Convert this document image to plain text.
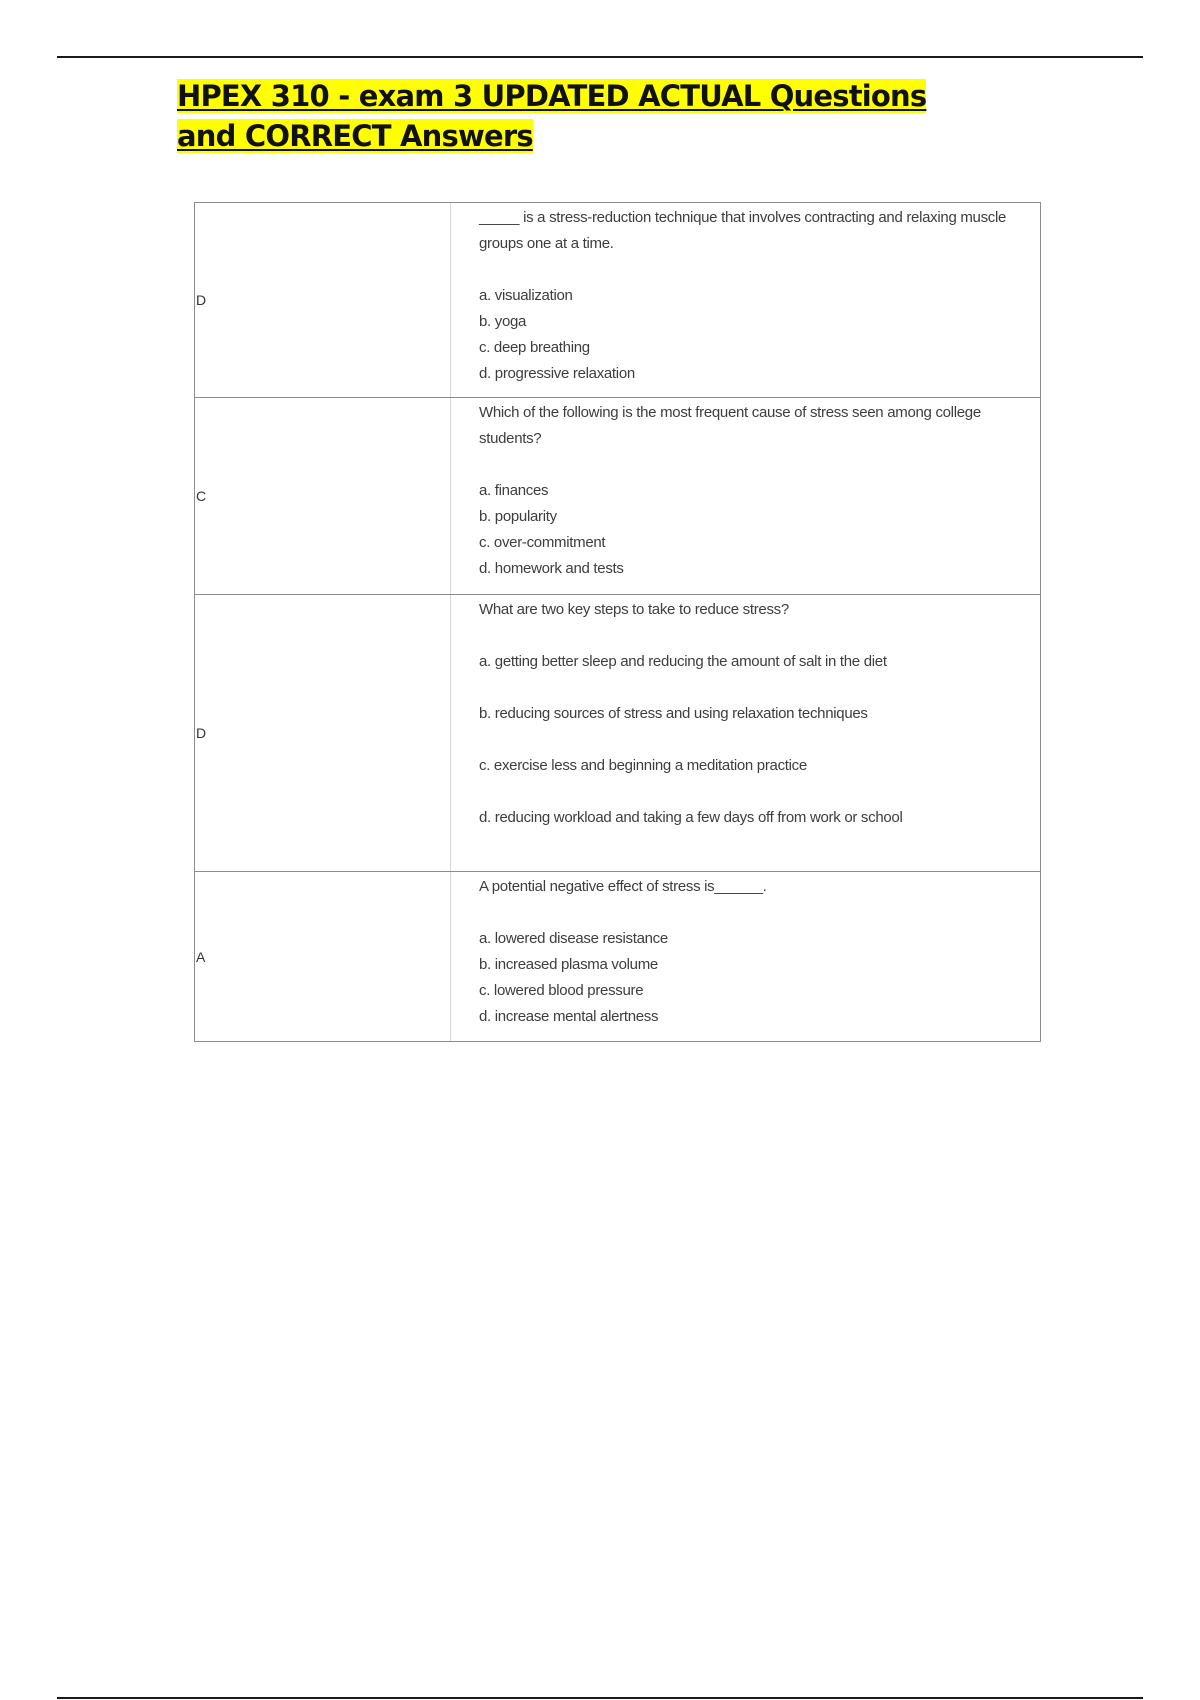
HPEX 310 - exam 3 UPDATED ACTUAL Questions and CORRECT Answers
D

_____ is a stress-reduction technique that involves contracting and relaxing muscle groups one at a time.

a. visualization

b. yoga

c. deep breathing

d. progressive relaxation

C

Which of the following is the most frequent cause of stress seen among college students?

a. finances

b. popularity

c. over-commitment

d. homework and tests

D

What are two key steps to take to reduce stress?

a. getting better sleep and reducing the amount of salt in the diet

b. reducing sources of stress and using relaxation techniques

c. exercise less and beginning a meditation practice

d. reducing workload and taking a few days off from work or school

A

A potential negative effect of stress is______.

a. lowered disease resistance

b. increased plasma volume

c. lowered blood pressure

d. increase mental alertness
